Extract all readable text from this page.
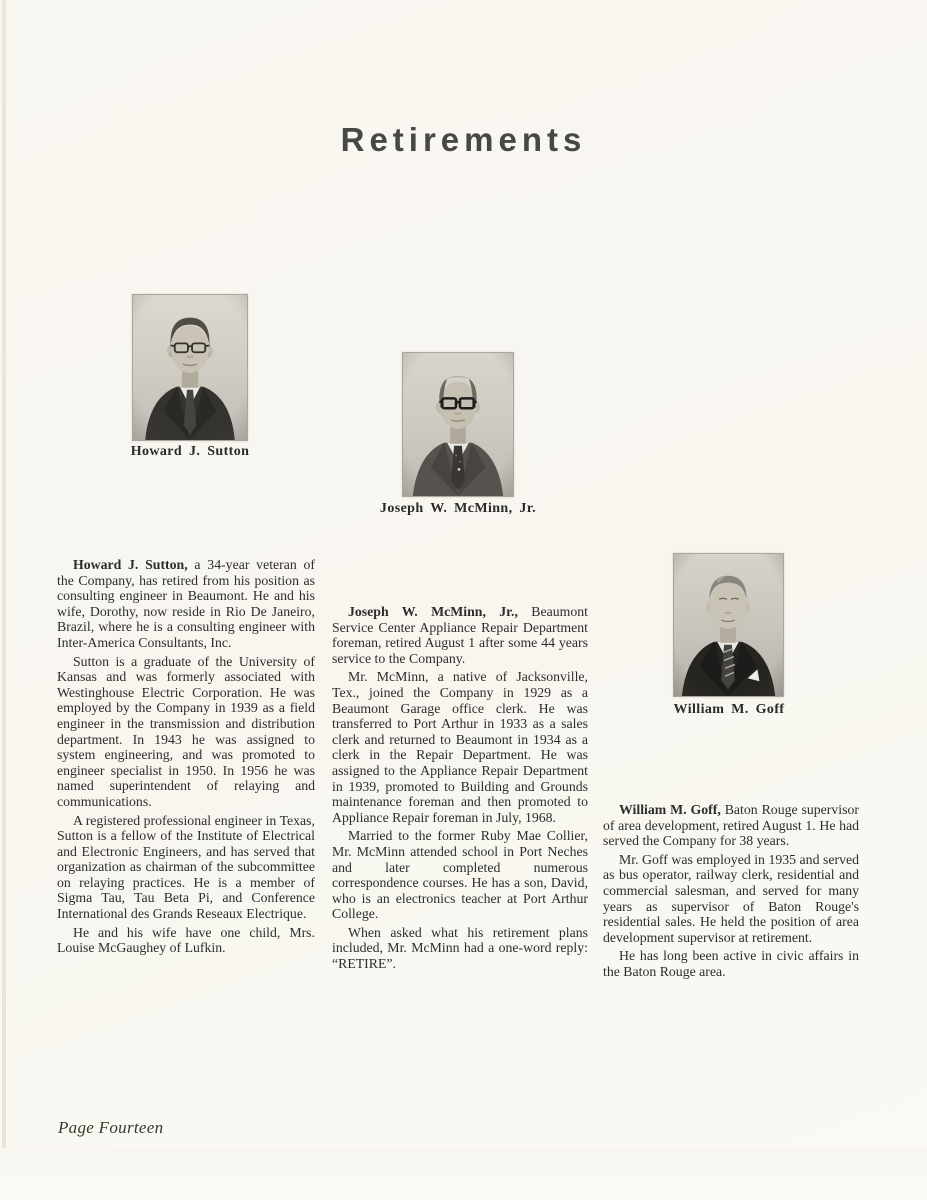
Retirements
Howard J. Sutton
Joseph W. McMinn, Jr.
William M. Goff

Howard J. Sutton, a 34-year veteran of the Company, has retired from his position as consulting engineer in Beaumont. He and his wife, Dorothy, now reside in Rio De Janeiro, Brazil, where he is a consulting engineer with Inter-America Consultants, Inc.

Sutton is a graduate of the University of Kansas and was formerly associated with Westinghouse Electric Corporation. He was employed by the Company in 1939 as a field engineer in the transmission and distribution department. In 1943 he was assigned to system engineering, and was promoted to engineer specialist in 1950. In 1956 he was named superintendent of relaying and communications.

A registered professional engineer in Texas, Sutton is a fellow of the Institute of Electrical and Electronic Engineers, and has served that organization as chairman of the subcommittee on relaying practices. He is a member of Sigma Tau, Tau Beta Pi, and Conference International des Grands Reseaux Electrique.

He and his wife have one child, Mrs. Louise McGaughey of Lufkin.

Joseph W. McMinn, Jr., Beaumont Service Center Appliance Repair Department foreman, retired August 1 after some 44 years service to the Company.

Mr. McMinn, a native of Jacksonville, Tex., joined the Company in 1929 as a Beaumont Garage office clerk. He was transferred to Port Arthur in 1933 as a sales clerk and returned to Beaumont in 1934 as a clerk in the Repair Department. He was assigned to the Appliance Repair Department in 1939, promoted to Building and Grounds maintenance foreman and then promoted to Appliance Repair foreman in July, 1968.

Married to the former Ruby Mae Collier, Mr. McMinn attended school in Port Neches and later completed numerous correspondence courses. He has a son, David, who is an electronics teacher at Port Arthur College.

When asked what his retirement plans included, Mr. McMinn had a one-word reply: “RETIRE”.

William M. Goff, Baton Rouge supervisor of area development, retired August 1. He had served the Company for 38 years.

Mr. Goff was employed in 1935 and served as bus operator, railway clerk, residential and commercial salesman, and served for many years as supervisor of Baton Rouge's residential sales. He held the position of area development supervisor at retirement.

He has long been active in civic affairs in the Baton Rouge area.

Page Fourteen
